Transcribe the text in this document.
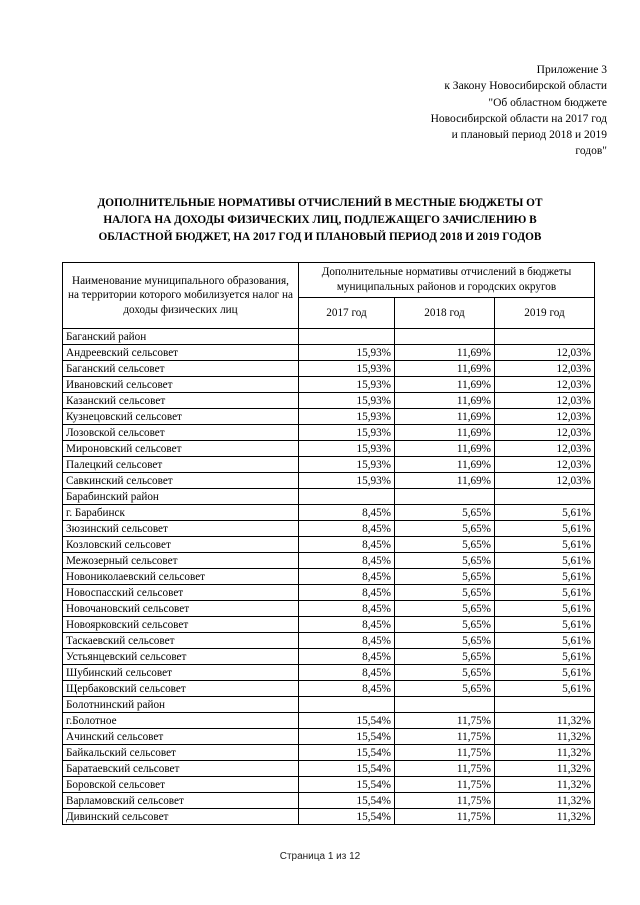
Приложение 3
к Закону Новосибирской области
"Об областном бюджете
Новосибирской области на 2017 год
и плановый период 2018 и 2019
годов"
ДОПОЛНИТЕЛЬНЫЕ НОРМАТИВЫ ОТЧИСЛЕНИЙ В МЕСТНЫЕ БЮДЖЕТЫ ОТ
НАЛОГА НА ДОХОДЫ ФИЗИЧЕСКИХ ЛИЦ, ПОДЛЕЖАЩЕГО ЗАЧИСЛЕНИЮ В
ОБЛАСТНОЙ БЮДЖЕТ, НА 2017 ГОД И ПЛАНОВЫЙ ПЕРИОД 2018 И 2019 ГОДОВ
Наименование муниципального образования, на территории которого мобилизуется налог на доходы физических лиц	Дополнительные нормативы отчислений в бюджеты муниципальных районов и городских округов		
	2017 год	2018 год	2019 год
Баганский район			
Андреевский сельсовет	15,93%	11,69%	12,03%
Баганский сельсовет	15,93%	11,69%	12,03%
Ивановский сельсовет	15,93%	11,69%	12,03%
Казанский сельсовет	15,93%	11,69%	12,03%
Кузнецовский сельсовет	15,93%	11,69%	12,03%
Лозовской сельсовет	15,93%	11,69%	12,03%
Мироновский сельсовет	15,93%	11,69%	12,03%
Палецкий сельсовет	15,93%	11,69%	12,03%
Савкинский сельсовет	15,93%	11,69%	12,03%
Барабинский район			
г. Барабинск	8,45%	5,65%	5,61%
Зюзинский сельсовет	8,45%	5,65%	5,61%
Козловский сельсовет	8,45%	5,65%	5,61%
Межозерный сельсовет	8,45%	5,65%	5,61%
Новониколаевский сельсовет	8,45%	5,65%	5,61%
Новоспасский сельсовет	8,45%	5,65%	5,61%
Новочановский сельсовет	8,45%	5,65%	5,61%
Новоярковский сельсовет	8,45%	5,65%	5,61%
Таскаевский сельсовет	8,45%	5,65%	5,61%
Устьянцевский сельсовет	8,45%	5,65%	5,61%
Шубинский сельсовет	8,45%	5,65%	5,61%
Щербаковский сельсовет	8,45%	5,65%	5,61%
Болотнинский район			
г.Болотное	15,54%	11,75%	11,32%
Ачинский сельсовет	15,54%	11,75%	11,32%
Байкальский сельсовет	15,54%	11,75%	11,32%
Баратаевский сельсовет	15,54%	11,75%	11,32%
Боровской сельсовет	15,54%	11,75%	11,32%
Варламовский сельсовет	15,54%	11,75%	11,32%
Дивинский сельсовет	15,54%	11,75%	11,32%
Страница 1 из 12
